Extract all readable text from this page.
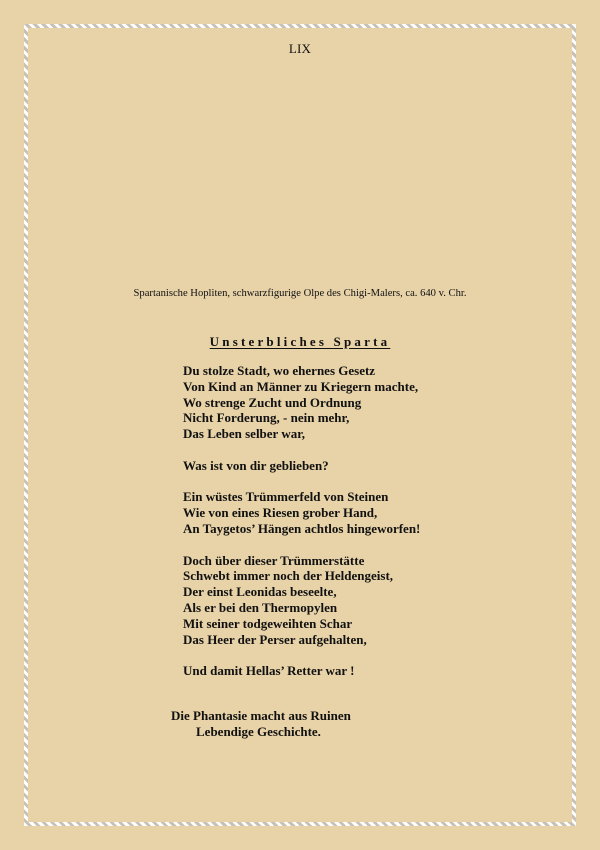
LIX
Spartanische Hopliten, schwarzfigurige Olpe des Chigi-Malers, ca. 640 v. Chr.
Unsterbliches Sparta
Du stolze Stadt, wo ehernes Gesetz
Von Kind an Männer zu Kriegern machte,
Wo strenge Zucht und Ordnung
Nicht Forderung, - nein mehr,
Das Leben selber war,
Was ist von dir geblieben?
Ein wüstes Trümmerfeld von Steinen
Wie von eines Riesen grober Hand,
An Taygetos’ Hängen achtlos hingeworfen!
Doch über dieser Trümmerstätte
Schwebt immer noch der Heldengeist,
Der einst Leonidas beseelte,
Als er bei den Thermopylen
Mit seiner todgeweihten Schar
Das Heer der Perser aufgehalten,
Und damit Hellas’ Retter war !
Die Phantasie macht aus Ruinen
Lebendige Geschichte.
